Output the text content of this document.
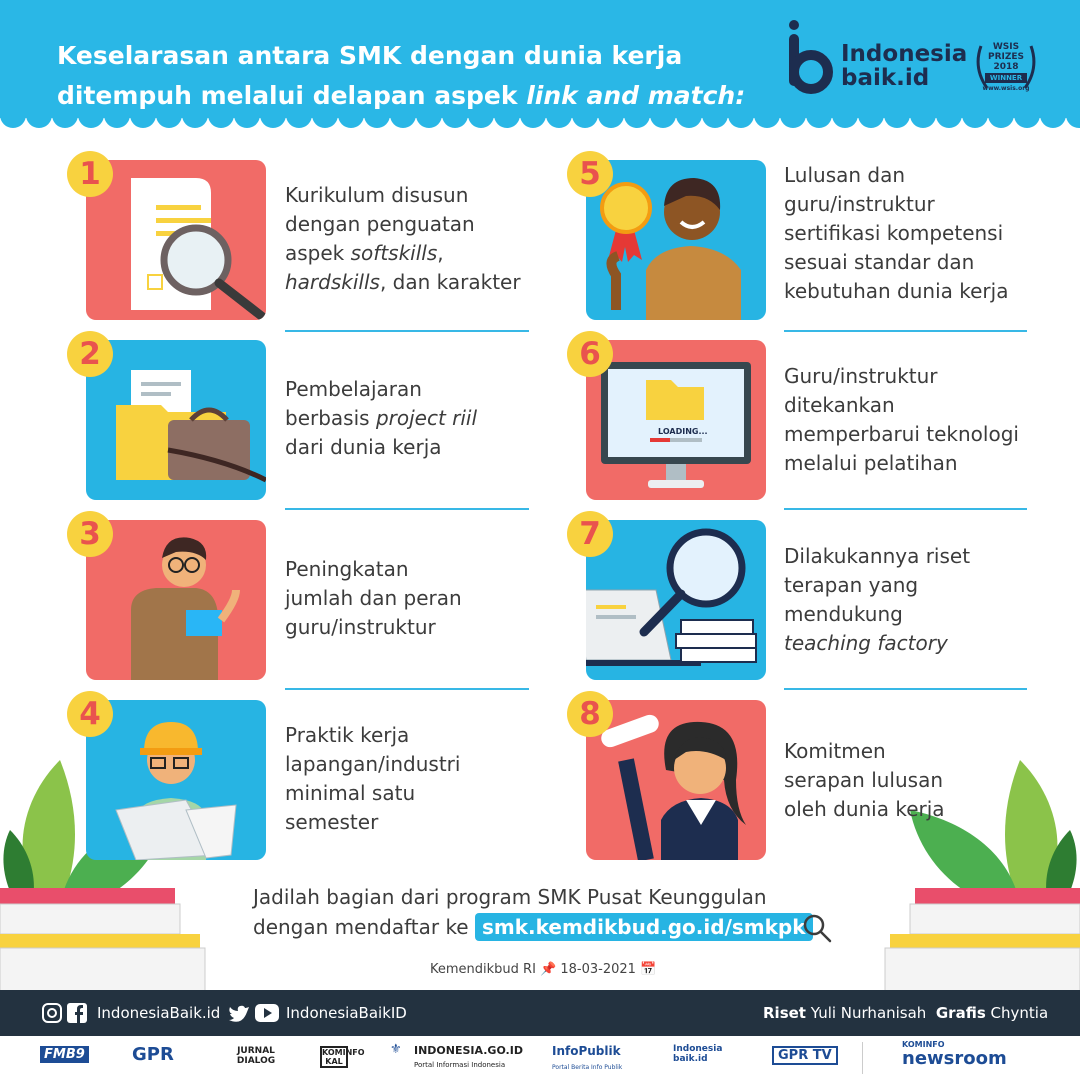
Keselarasan antara SMK dengan dunia kerja
ditempuh melalui delapan aspek link and match:
Indonesia
baik.id
WSIS
PRIZES
2018
WINNER
www.wsis.org
1

Kurikulum disusun
dengan penguatan
aspek softskills,
hardskills, dan karakter

2

Pembelajaran
berbasis project riil
dari dunia kerja

3

Peningkatan
jumlah dan peran
guru/instruktur

4

Praktik kerja
lapangan/industri
minimal satu
semester

5	Lulusan dan
guru/instruktur
sertifikasi kompetensi
sesuai standar dan
kebutuhan dunia kerja

LOADING...
6

Guru/instruktur
ditekankan
memperbarui teknologi
melalui pelatihan

7

Dilakukannya riset
terapan yang
mendukung
teaching factory

8

Komitmen
serapan lulusan
oleh dunia kerja

Jadilah bagian dari program SMK Pusat Keunggulan
dengan mendaftar ke smk.kemdikbud.go.id/smkpk
Kemendikbud RI 📌 18-03-2021 📅
IndonesiaBaik.id	IndonesiaBaikID	Riset Yuli Nurhanisah Grafis Chyntia
FMB9	GPR	JURNAL DIALOG
KOMINFO KAL
⚜ INDONESIA.GO.ID
Portal Informasi Indonesia
InfoPublik
Portal Berita Info Publik
Indonesia baik.id	GPR TV
KOMINFO
newsroom
